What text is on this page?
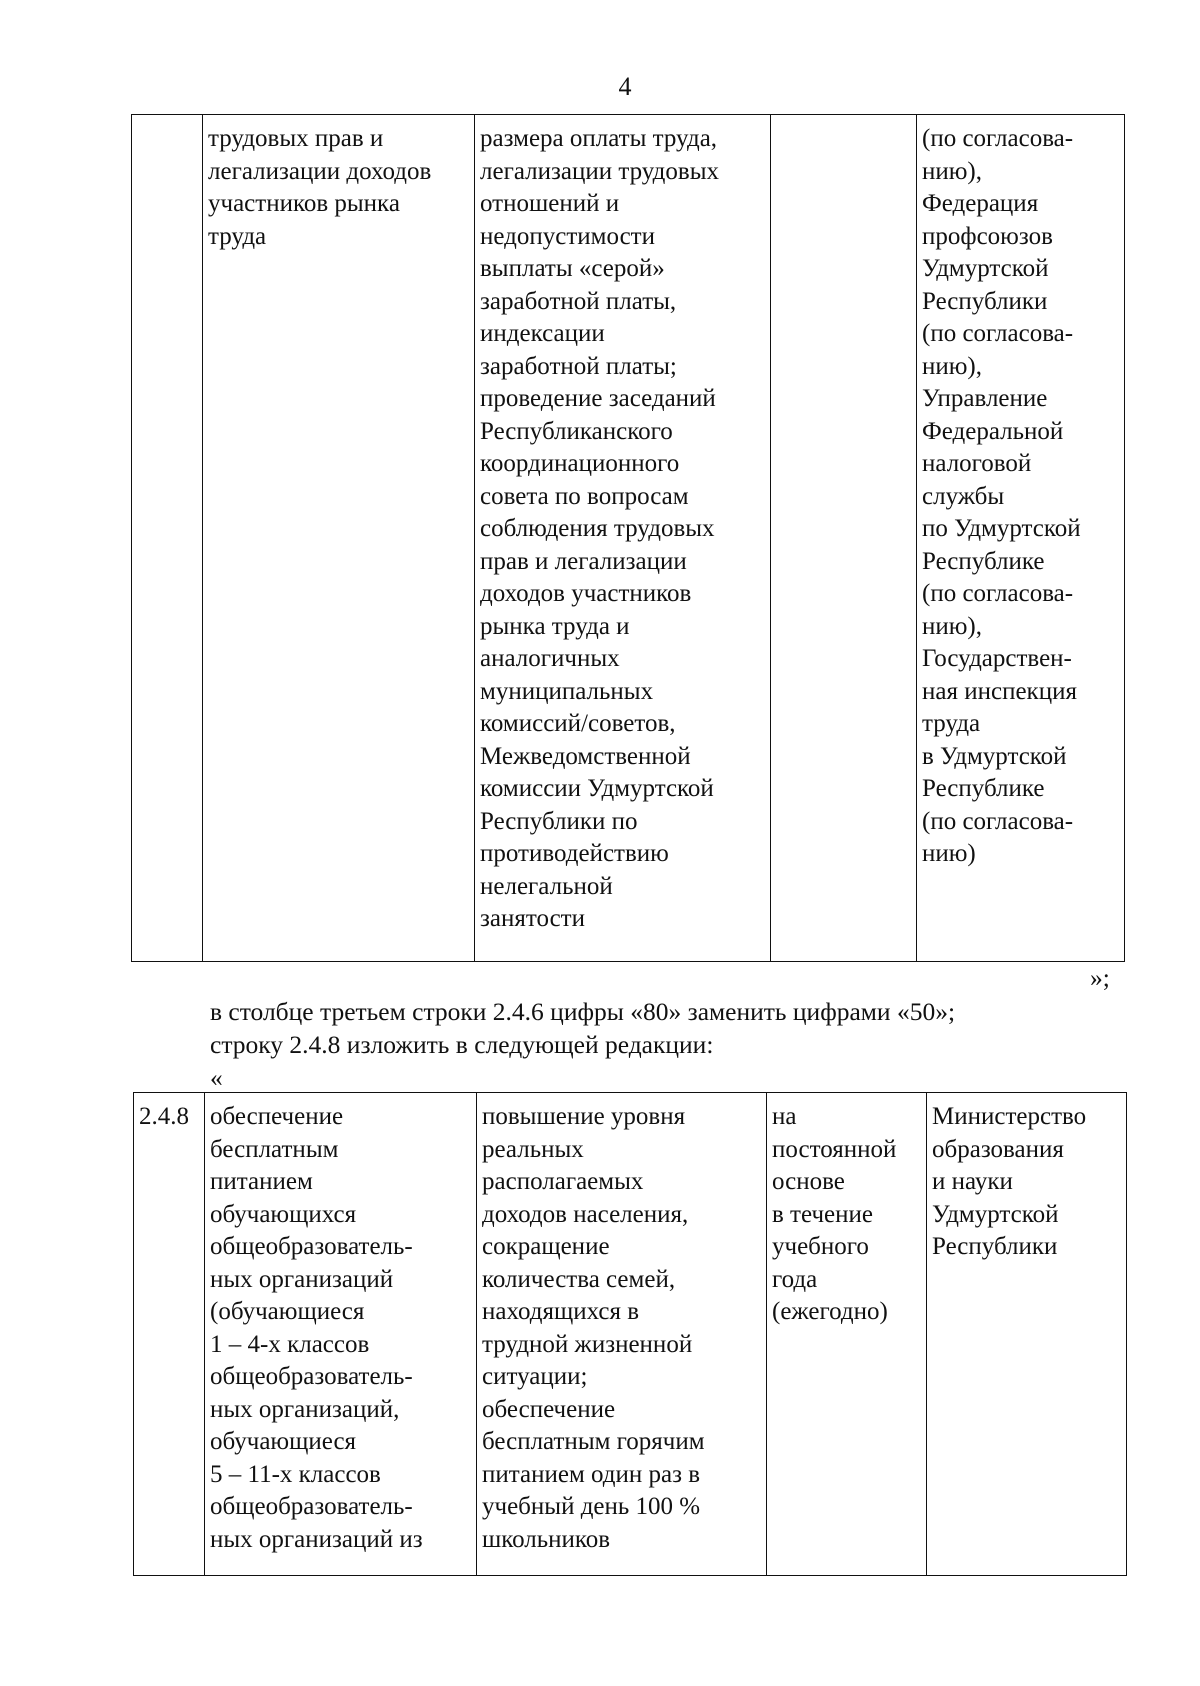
4
	трудовых прав и
легализации доходов
участников рынка
труда	размера оплаты труда,
легализации трудовых
отношений и
недопустимости
выплаты «серой»
заработной платы,
индексации
заработной платы;
проведение заседаний
Республиканского
координационного
совета по вопросам
соблюдения трудовых
прав и легализации
доходов участников
рынка труда и
аналогичных
муниципальных
комиссий/советов,
Межведомственной
комиссии Удмуртской
Республики по
противодействию
нелегальной
занятости		(по согласова-
нию),
Федерация
профсоюзов
Удмуртской
Республики
(по согласова-
нию),
Управление
Федеральной
налоговой
службы
по Удмуртской
Республике
(по согласова-
нию),
Государствен-
ная инспекция
труда
в Удмуртской
Республике
(по согласова-
нию)
»;
в столбце третьем строки 2.4.6 цифры «80» заменить цифрами «50»;
строку 2.4.8 изложить в следующей редакции:
«
2.4.8	обеспечение
бесплатным
питанием
обучающихся
общеобразователь-
ных организаций
(обучающиеся
1 – 4-х классов
общеобразователь-
ных организаций,
обучающиеся
5 – 11-х классов
общеобразователь-
ных организаций из	повышение уровня
реальных
располагаемых
доходов населения,
сокращение
количества семей,
находящихся в
трудной жизненной
ситуации;
обеспечение
бесплатным горячим
питанием один раз в
учебный день 100 %
школьников	на
постоянной
основе
в течение
учебного
года
(ежегодно)	Министерство
образования
и науки
Удмуртской
Республики
